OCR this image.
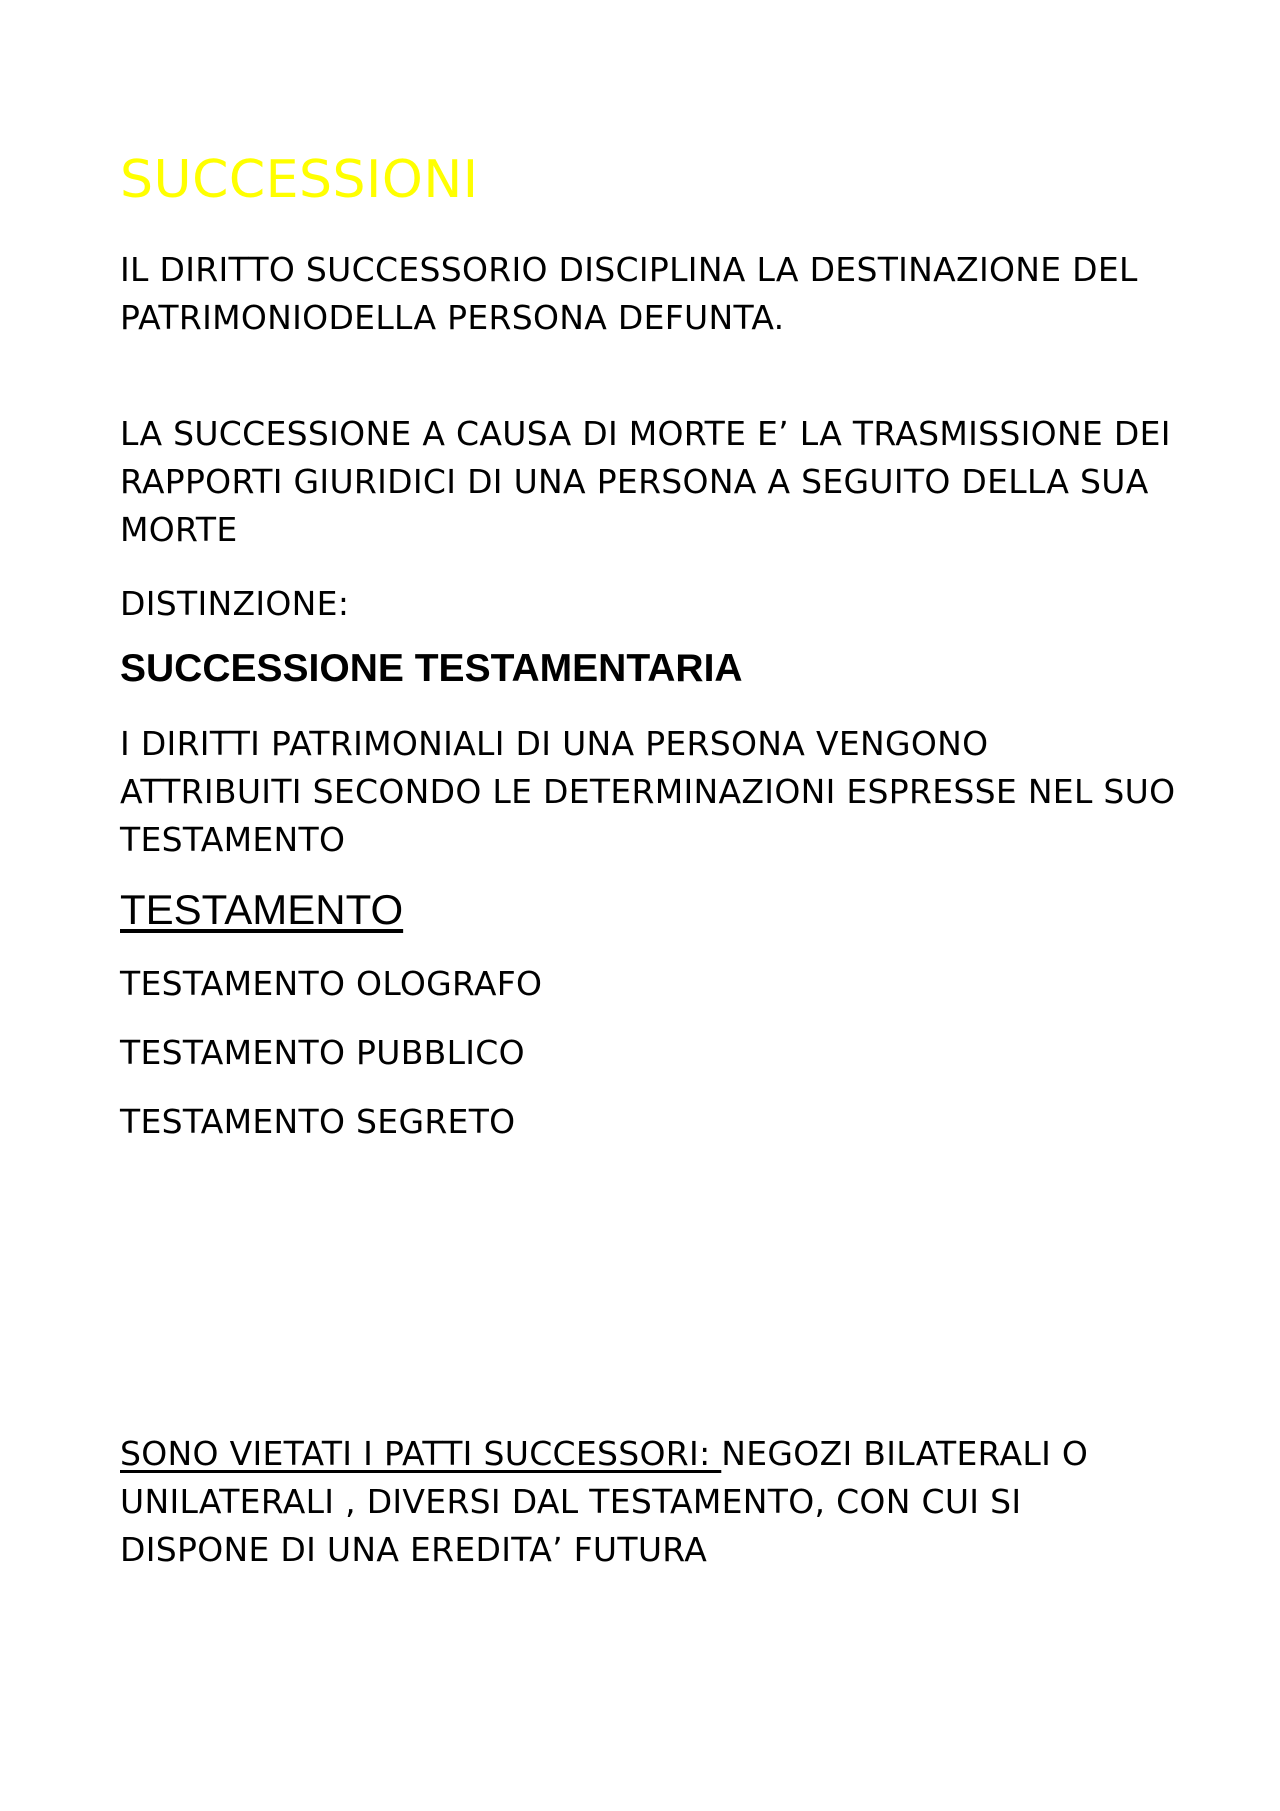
SUCCESSIONI

IL DIRITTO SUCCESSORIO DISCIPLINA LA DESTINAZIONE DEL PATRIMONIODELLA PERSONA DEFUNTA.

LA SUCCESSIONE A CAUSA DI MORTE E’ LA TRASMISSIONE DEI RAPPORTI GIURIDICI DI UNA PERSONA A SEGUITO DELLA SUA MORTE

DISTINZIONE:

SUCCESSIONE TESTAMENTARIA

I DIRITTI PATRIMONIALI DI UNA PERSONA VENGONO ATTRIBUITI SECONDO LE DETERMINAZIONI ESPRESSE NEL SUO TESTAMENTO

TESTAMENTO

TESTAMENTO OLOGRAFO

TESTAMENTO PUBBLICO

TESTAMENTO SEGRETO

SONO VIETATI I PATTI SUCCESSORI: NEGOZI BILATERALI O UNILATERALI , DIVERSI DAL TESTAMENTO, CON CUI SI DISPONE DI UNA EREDITA’ FUTURA
